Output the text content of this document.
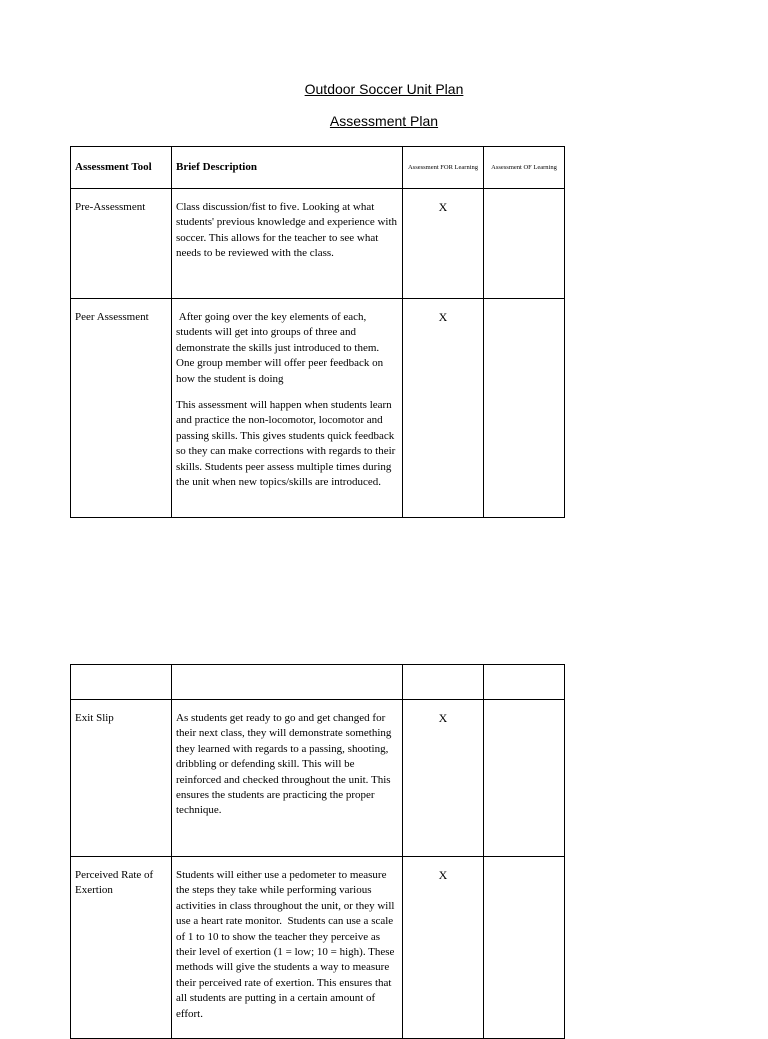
Outdoor Soccer Unit Plan
Assessment Plan
Assessment Tool	Brief Description	Assessment FOR Learning	Assessment OF Learning
Pre-Assessment	Class discussion/fist to five. Looking at what students' previous knowledge and experience with soccer. This allows for the teacher to see what needs to be reviewed with the class.	X	
Peer Assessment	After going over the key elements of each, students will get into groups of three and demonstrate the skills just introduced to them. One group member will offer peer feedback on how the student is doing

This assessment will happen when students learn and practice the non-locomotor, locomotor and passing skills. This gives students quick feedback so they can make corrections with regards to their skills. Students peer assess multiple times during the unit when new topics/skills are introduced.	X	

Exit Slip	As students get ready to go and get changed for their next class, they will demonstrate something they learned with regards to a passing, shooting, dribbling or defending skill. This will be reinforced and checked throughout the unit. This ensures the students are practicing the proper technique.	X	
Perceived Rate of Exertion	Students will either use a pedometer to measure the steps they take while performing various activities in class throughout the unit, or they will use a heart rate monitor.  Students can use a scale of 1 to 10 to show the teacher they perceive as their level of exertion (1 = low; 10 = high). These methods will give the students a way to measure their perceived rate of exertion. This ensures that all students are putting in a certain amount of effort.	X	
